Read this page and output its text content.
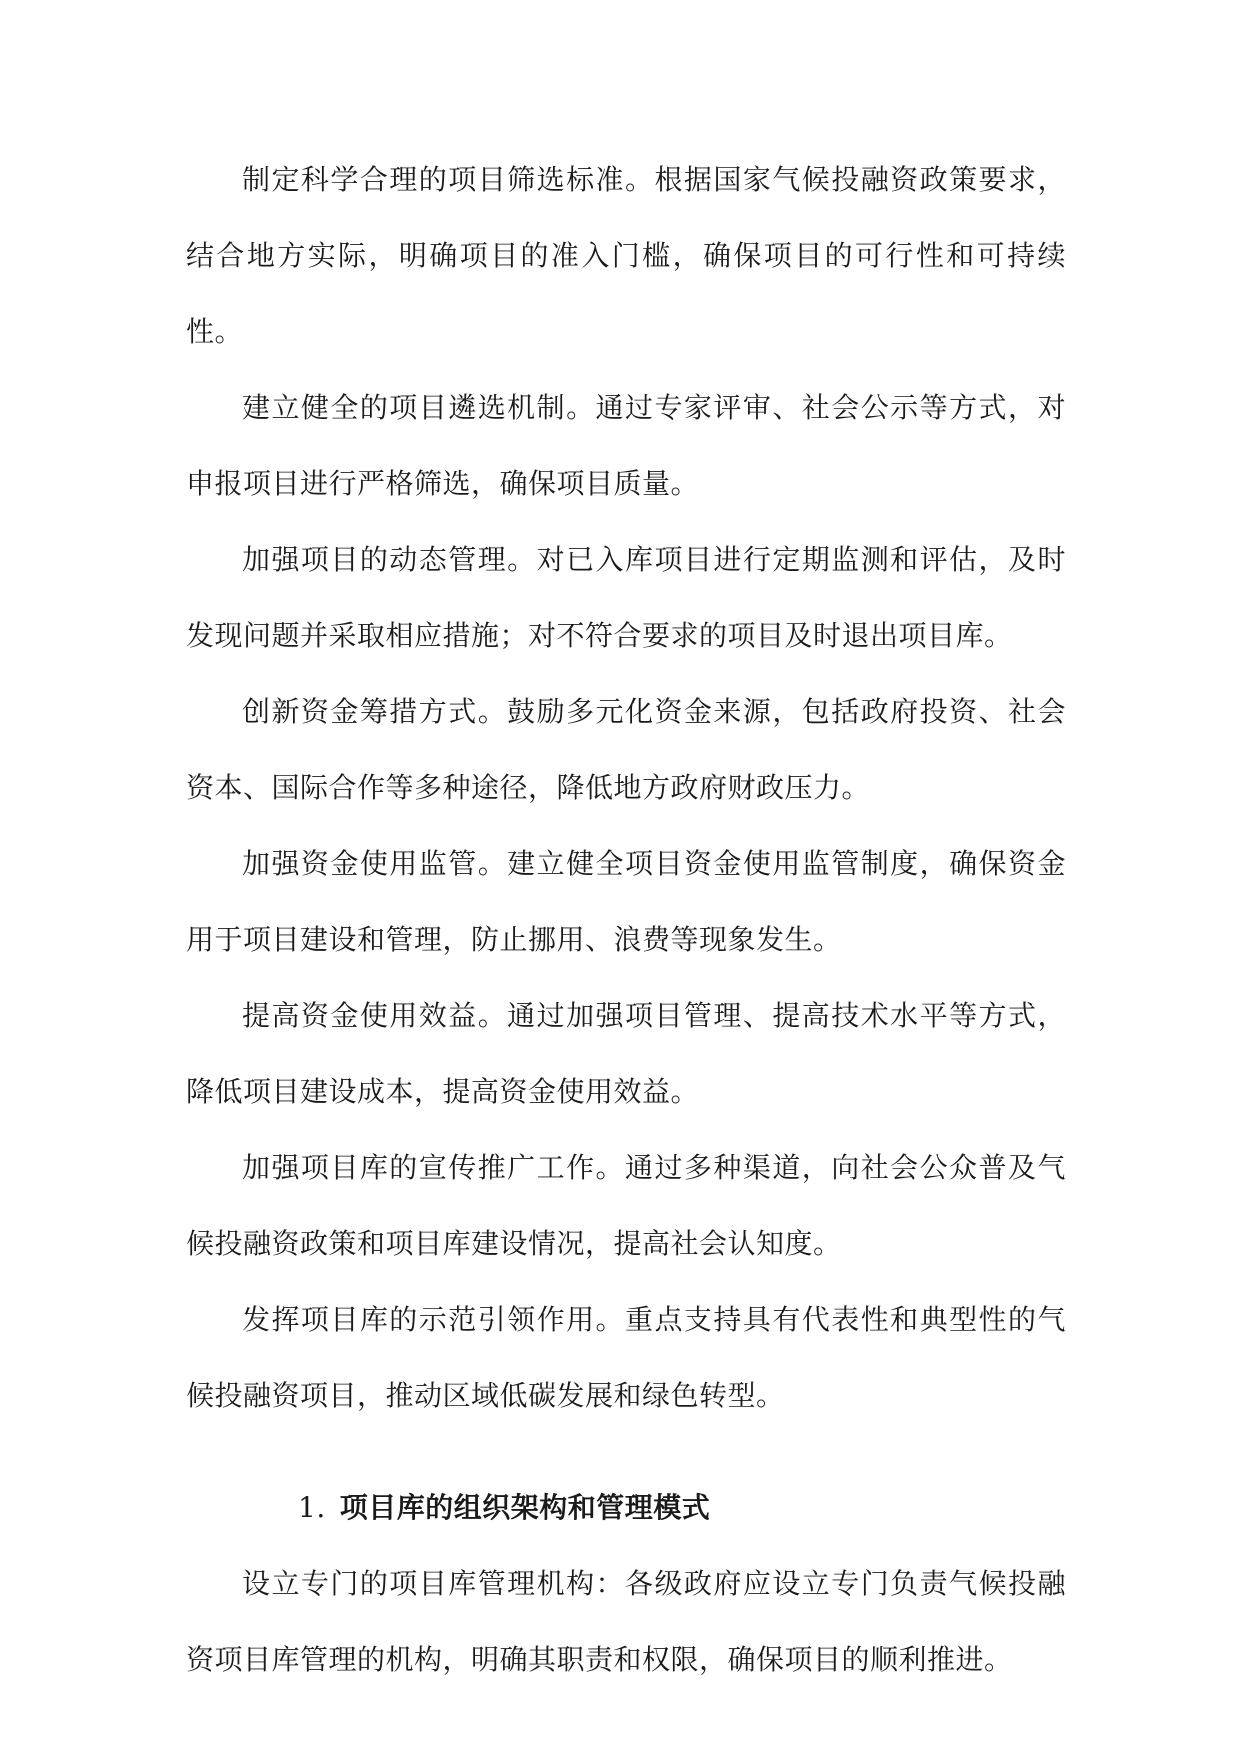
制定科学合理的项目筛选标准。根据国家气候投融资政策要求，结合地方实际，明确项目的准入门槛，确保项目的可行性和可持续性。

建立健全的项目遴选机制。通过专家评审、社会公示等方式，对申报项目进行严格筛选，确保项目质量。

加强项目的动态管理。对已入库项目进行定期监测和评估，及时发现问题并采取相应措施；对不符合要求的项目及时退出项目库。

创新资金筹措方式。鼓励多元化资金来源，包括政府投资、社会资本、国际合作等多种途径，降低地方政府财政压力。

加强资金使用监管。建立健全项目资金使用监管制度，确保资金用于项目建设和管理，防止挪用、浪费等现象发生。

提高资金使用效益。通过加强项目管理、提高技术水平等方式，降低项目建设成本，提高资金使用效益。

加强项目库的宣传推广工作。通过多种渠道，向社会公众普及气候投融资政策和项目库建设情况，提高社会认知度。

发挥项目库的示范引领作用。重点支持具有代表性和典型性的气候投融资项目，推动区域低碳发展和绿色转型。

1. 项目库的组织架构和管理模式

设立专门的项目库管理机构：各级政府应设立专门负责气候投融资项目库管理的机构，明确其职责和权限，确保项目的顺利推进。
